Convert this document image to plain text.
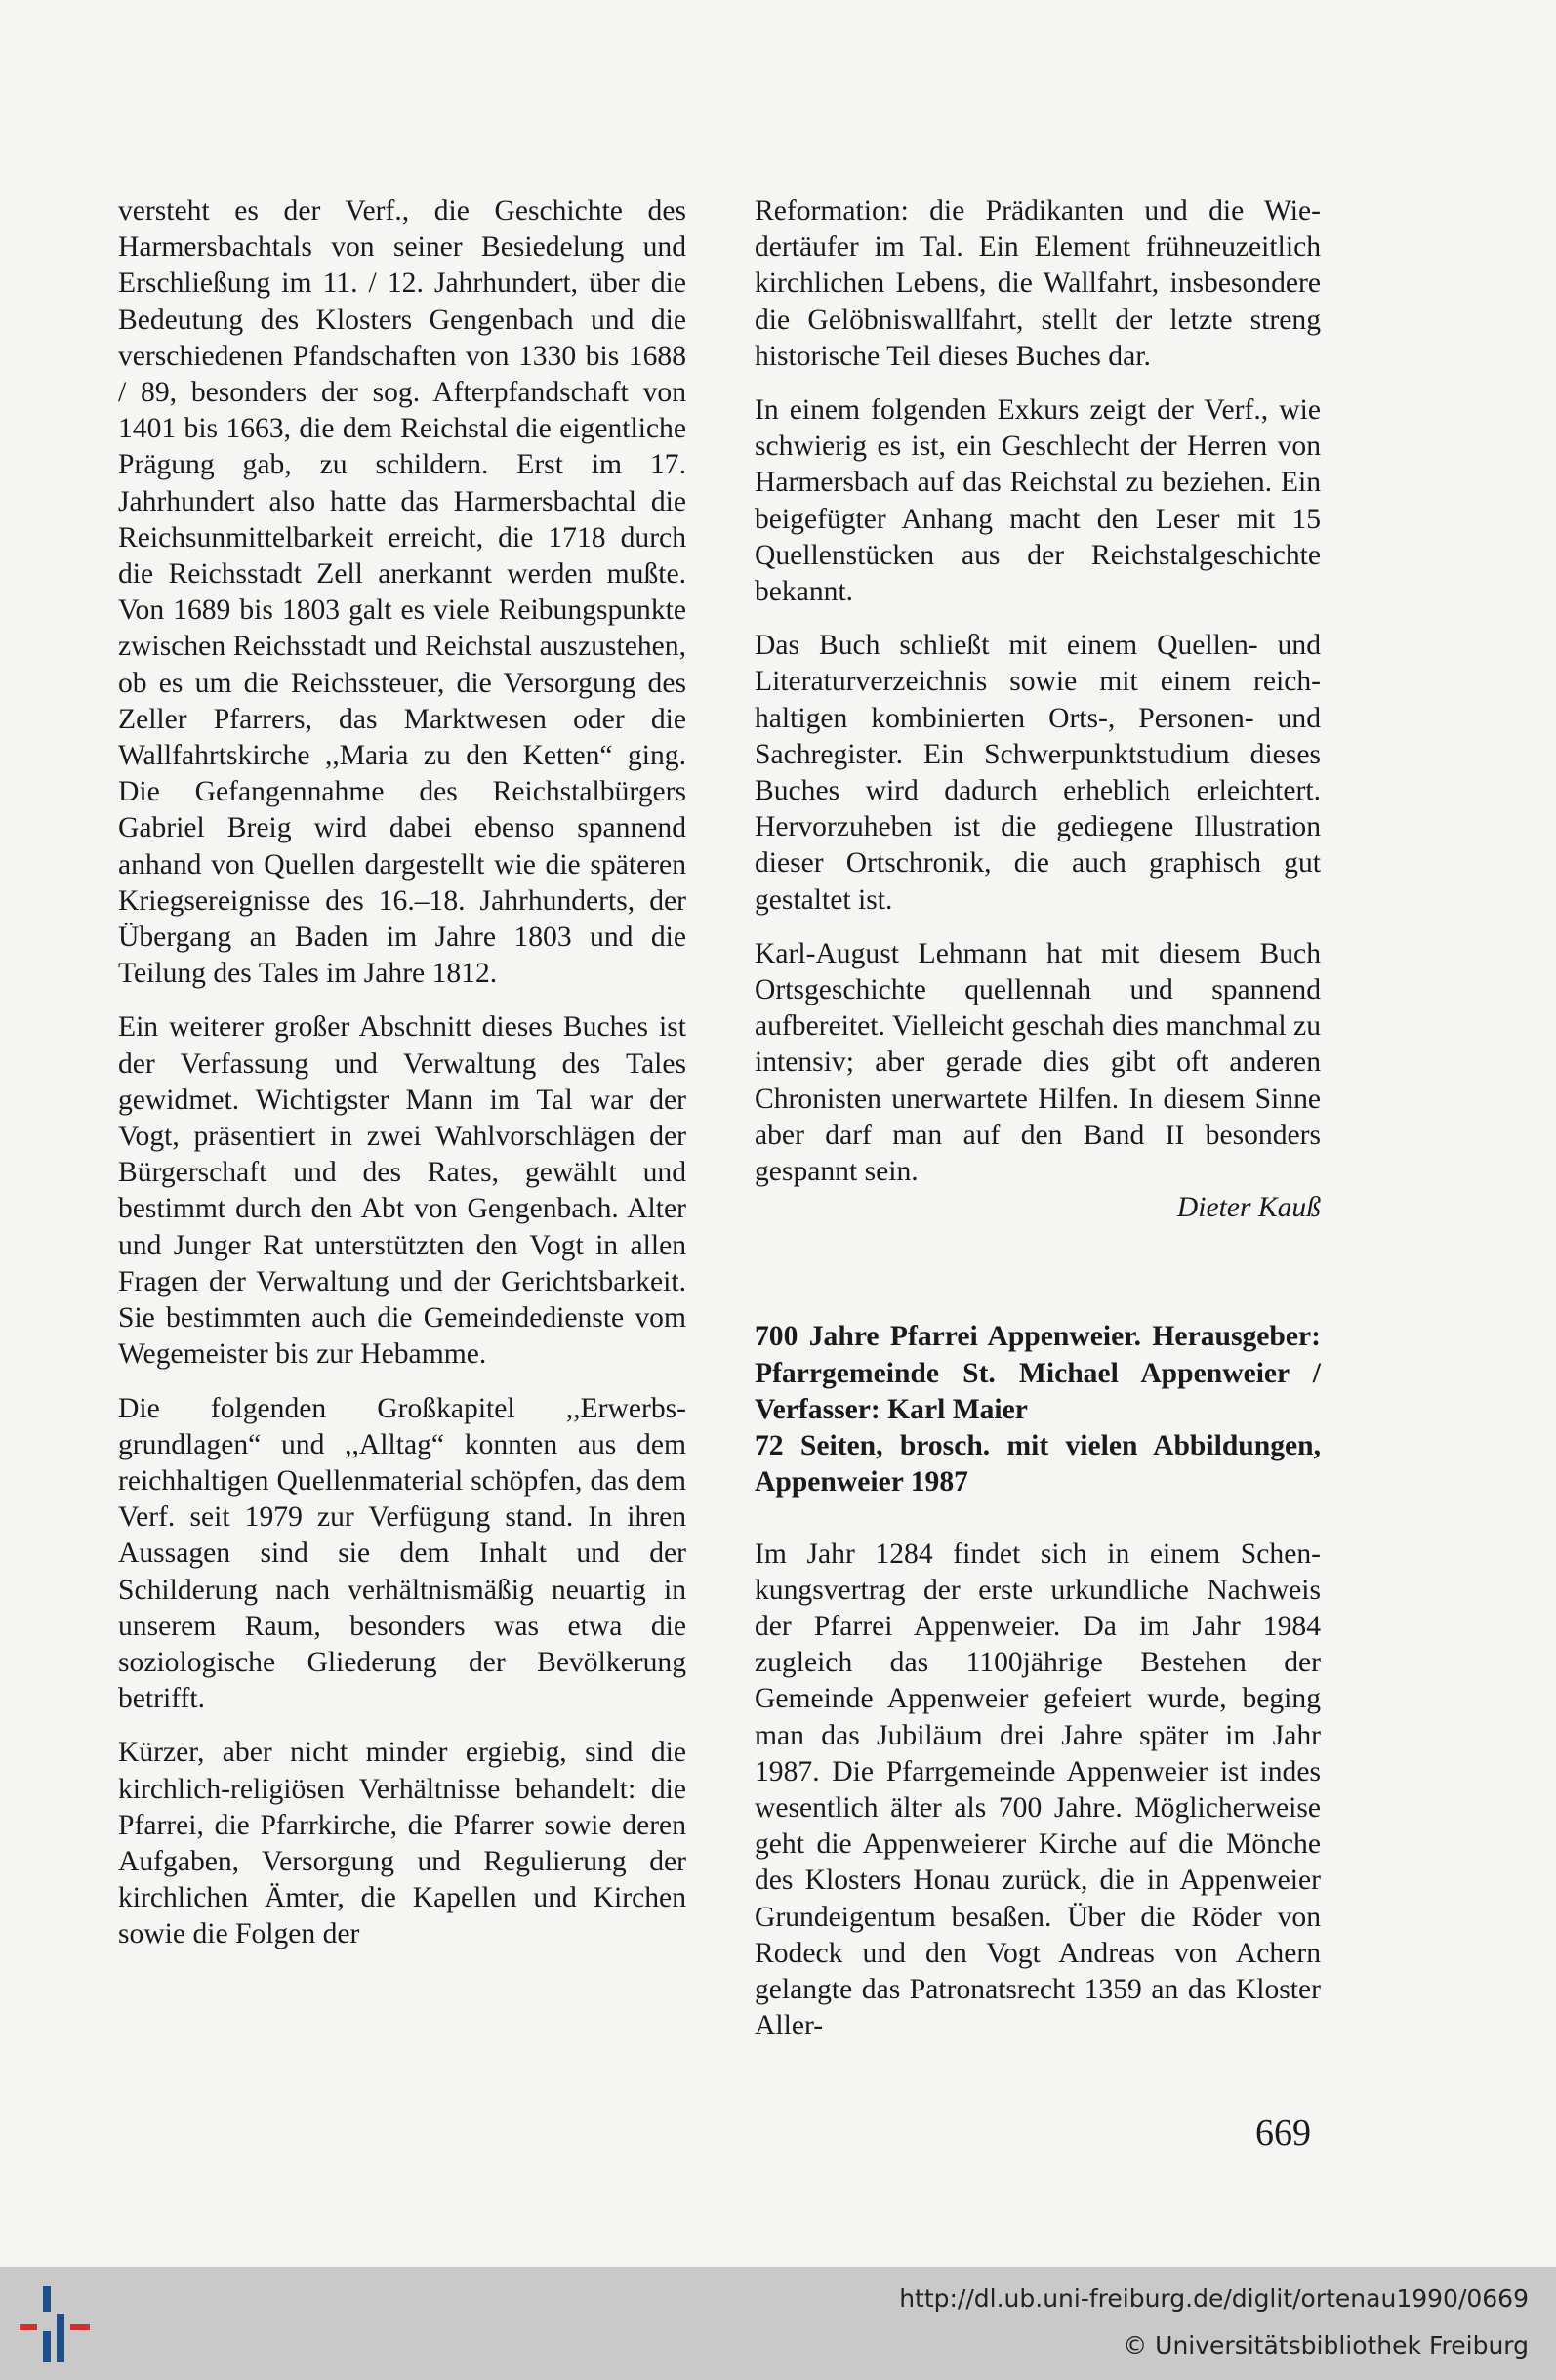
versteht es der Verf., die Geschichte des Harmersbachtals von seiner Besiedelung und Erschließung im 11. / 12. Jahrhundert, über die Bedeutung des Klosters Gengenbach und die verschiedenen Pfandschaften von 1330 bis 1688 / 89, besonders der sog. Afterpfandschaft von 1401 bis 1663, die dem Reichstal die eigentliche Prägung gab, zu schildern. Erst im 17. Jahrhundert also hatte das Harmersbachtal die Reichsunmittelbarkeit erreicht, die 1718 durch die Reichsstadt Zell anerkannt werden mußte. Von 1689 bis 1803 galt es viele Reibungspunkte zwischen Reichsstadt und Reichstal auszustehen, ob es um die Reichssteuer, die Versorgung des Zeller Pfarrers, das Marktwesen oder die Wallfahrtskirche ,,Maria zu den Ketten“ ging. Die Gefangennahme des Reichstalbürgers Gabriel Breig wird dabei ebenso spannend anhand von Quellen dargestellt wie die späteren Kriegsereignisse des 16.–18. Jahrhunderts, der Übergang an Baden im Jahre 1803 und die Teilung des Tales im Jahre 1812.

Ein weiterer großer Abschnitt dieses Buches ist der Verfassung und Verwaltung des Tales gewidmet. Wichtigster Mann im Tal war der Vogt, präsentiert in zwei Wahlvorschlägen der Bürgerschaft und des Rates, gewählt und bestimmt durch den Abt von Gengenbach. Alter und Junger Rat unterstützten den Vogt in allen Fragen der Verwaltung und der Gerichtsbarkeit. Sie bestimmten auch die Gemeindedienste vom Wegemeister bis zur Hebamme.

Die folgenden Großkapitel ,,Erwerbsgrundlagen“ und ,,Alltag“ konnten aus dem reichhaltigen Quellenmaterial schöpfen, das dem Verf. seit 1979 zur Verfügung stand. In ihren Aussagen sind sie dem Inhalt und der Schilderung nach verhältnismäßig neuartig in unserem Raum, besonders was etwa die soziologische Gliederung der Bevölkerung betrifft.

Kürzer, aber nicht minder ergiebig, sind die kirchlich-religiösen Verhältnisse behandelt: die Pfarrei, die Pfarrkirche, die Pfarrer sowie deren Aufgaben, Versorgung und Regulierung der kirchlichen Ämter, die Kapellen und Kirchen sowie die Folgen der

Reformation: die Prädikanten und die Wiedertäufer im Tal. Ein Element frühneuzeitlich kirchlichen Lebens, die Wallfahrt, insbesondere die Gelöbniswallfahrt, stellt der letzte streng historische Teil dieses Buches dar.

In einem folgenden Exkurs zeigt der Verf., wie schwierig es ist, ein Geschlecht der Herren von Harmersbach auf das Reichstal zu beziehen. Ein beigefügter Anhang macht den Leser mit 15 Quellenstücken aus der Reichstalgeschichte bekannt.

Das Buch schließt mit einem Quellen- und Literaturverzeichnis sowie mit einem reichhaltigen kombinierten Orts-, Personen- und Sachregister. Ein Schwerpunktstudium dieses Buches wird dadurch erheblich erleichtert. Hervorzuheben ist die gediegene Illustration dieser Ortschronik, die auch graphisch gut gestaltet ist.

Karl-August Lehmann hat mit diesem Buch Ortsgeschichte quellennah und spannend aufbereitet. Vielleicht geschah dies manchmal zu intensiv; aber gerade dies gibt oft anderen Chronisten unerwartete Hilfen. In diesem Sinne aber darf man auf den Band II besonders gespannt sein.

Dieter Kauß

700 Jahre Pfarrei Appenweier. Herausgeber: Pfarrgemeinde St. Michael Appenweier / Verfasser: Karl Maier
72 Seiten, brosch. mit vielen Abbildungen, Appenweier 1987

Im Jahr 1284 findet sich in einem Schenkungsvertrag der erste urkundliche Nachweis der Pfarrei Appenweier. Da im Jahr 1984 zugleich das 1100jährige Bestehen der Gemeinde Appenweier gefeiert wurde, beging man das Jubiläum drei Jahre später im Jahr 1987. Die Pfarrgemeinde Appenweier ist indes wesentlich älter als 700 Jahre. Möglicherweise geht die Appenweierer Kirche auf die Mönche des Klosters Honau zurück, die in Appenweier Grundeigentum besaßen. Über die Röder von Rodeck und den Vogt Andreas von Achern gelangte das Patronatsrecht 1359 an das Kloster Aller-

669
http://dl.ub.uni-freiburg.de/diglit/ortenau1990/0669
© Universitätsbibliothek Freiburg
